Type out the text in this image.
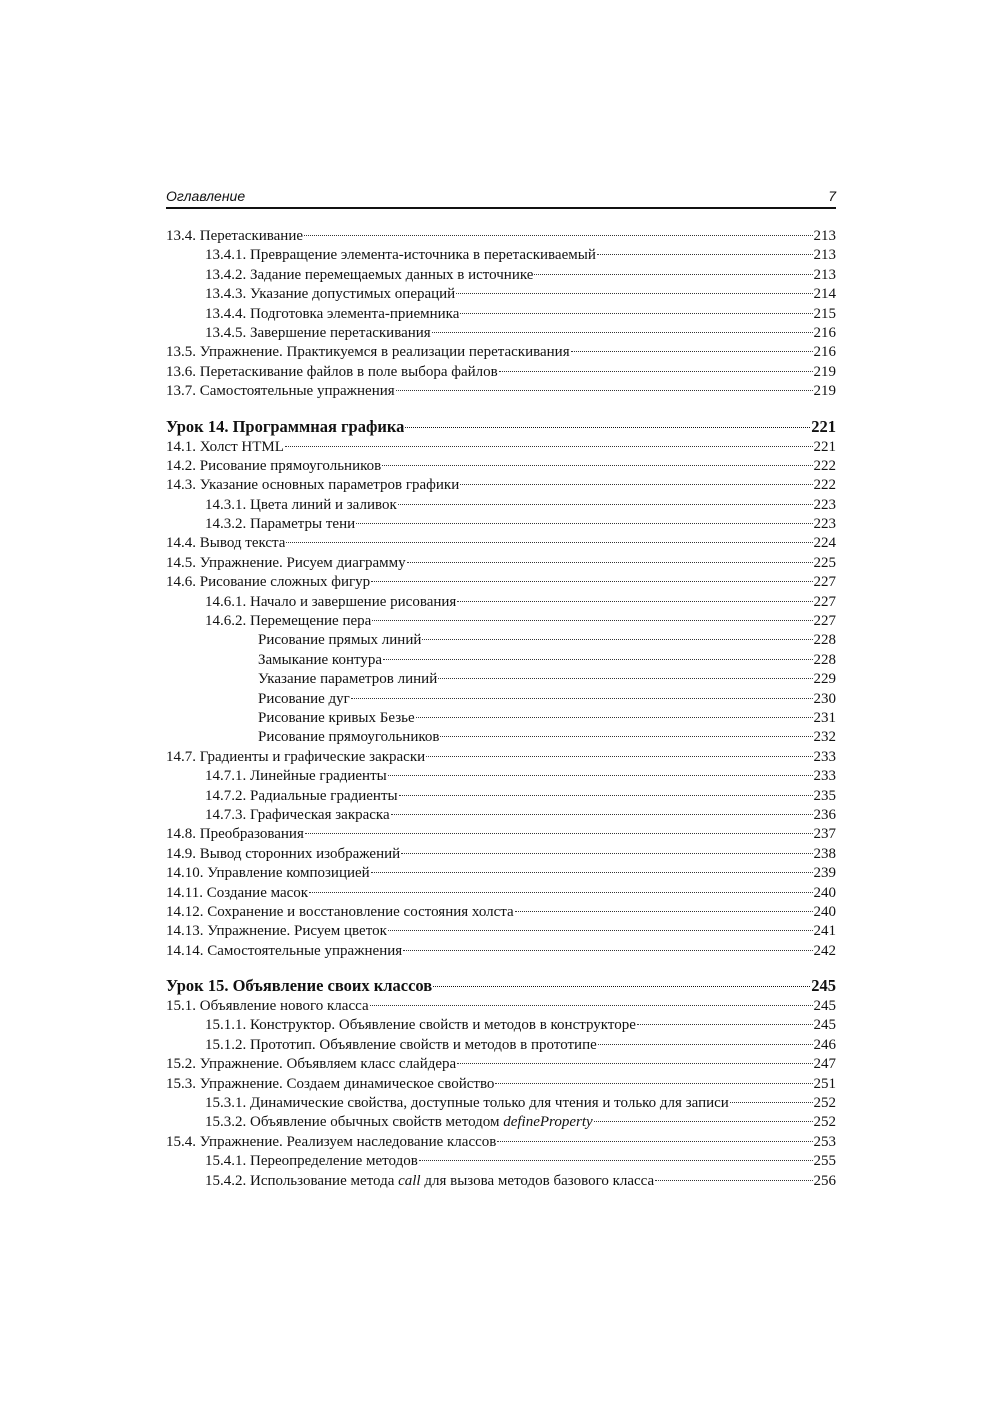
Оглавление	7
13.4. Перетаскивание	213
13.4.1. Превращение элемента-источника в перетаскиваемый	213
13.4.2. Задание перемещаемых данных в источнике	213
13.4.3. Указание допустимых операций	214
13.4.4. Подготовка элемента-приемника	215
13.4.5. Завершение перетаскивания	216
13.5. Упражнение. Практикуемся в реализации перетаскивания	216
13.6. Перетаскивание файлов в поле выбора файлов	219
13.7. Самостоятельные упражнения	219
Урок 14. Программная графика	221
14.1. Холст HTML	221
14.2. Рисование прямоугольников	222
14.3. Указание основных параметров графики	222
14.3.1. Цвета линий и заливок	223
14.3.2. Параметры тени	223
14.4. Вывод текста	224
14.5. Упражнение. Рисуем диаграмму	225
14.6. Рисование сложных фигур	227
14.6.1. Начало и завершение рисования	227
14.6.2. Перемещение пера	227
Рисование прямых линий	228
Замыкание контура	228
Указание параметров линий	229
Рисование дуг	230
Рисование кривых Безье	231
Рисование прямоугольников	232
14.7. Градиенты и графические закраски	233
14.7.1. Линейные градиенты	233
14.7.2. Радиальные градиенты	235
14.7.3. Графическая закраска	236
14.8. Преобразования	237
14.9. Вывод сторонних изображений	238
14.10. Управление композицией	239
14.11. Создание масок	240
14.12. Сохранение и восстановление состояния холста	240
14.13. Упражнение. Рисуем цветок	241
14.14. Самостоятельные упражнения	242
Урок 15. Объявление своих классов	245
15.1. Объявление нового класса	245
15.1.1. Конструктор. Объявление свойств и методов в конструкторе	245
15.1.2. Прототип. Объявление свойств и методов в прототипе	246
15.2. Упражнение. Объявляем класс слайдера	247
15.3. Упражнение. Создаем динамическое свойство	251
15.3.1. Динамические свойства, доступные только для чтения и только для записи	252
15.3.2. Объявление обычных свойств методом defineProperty	252
15.4. Упражнение. Реализуем наследование классов	253
15.4.1. Переопределение методов	255
15.4.2. Использование метода call для вызова методов базового класса	256
